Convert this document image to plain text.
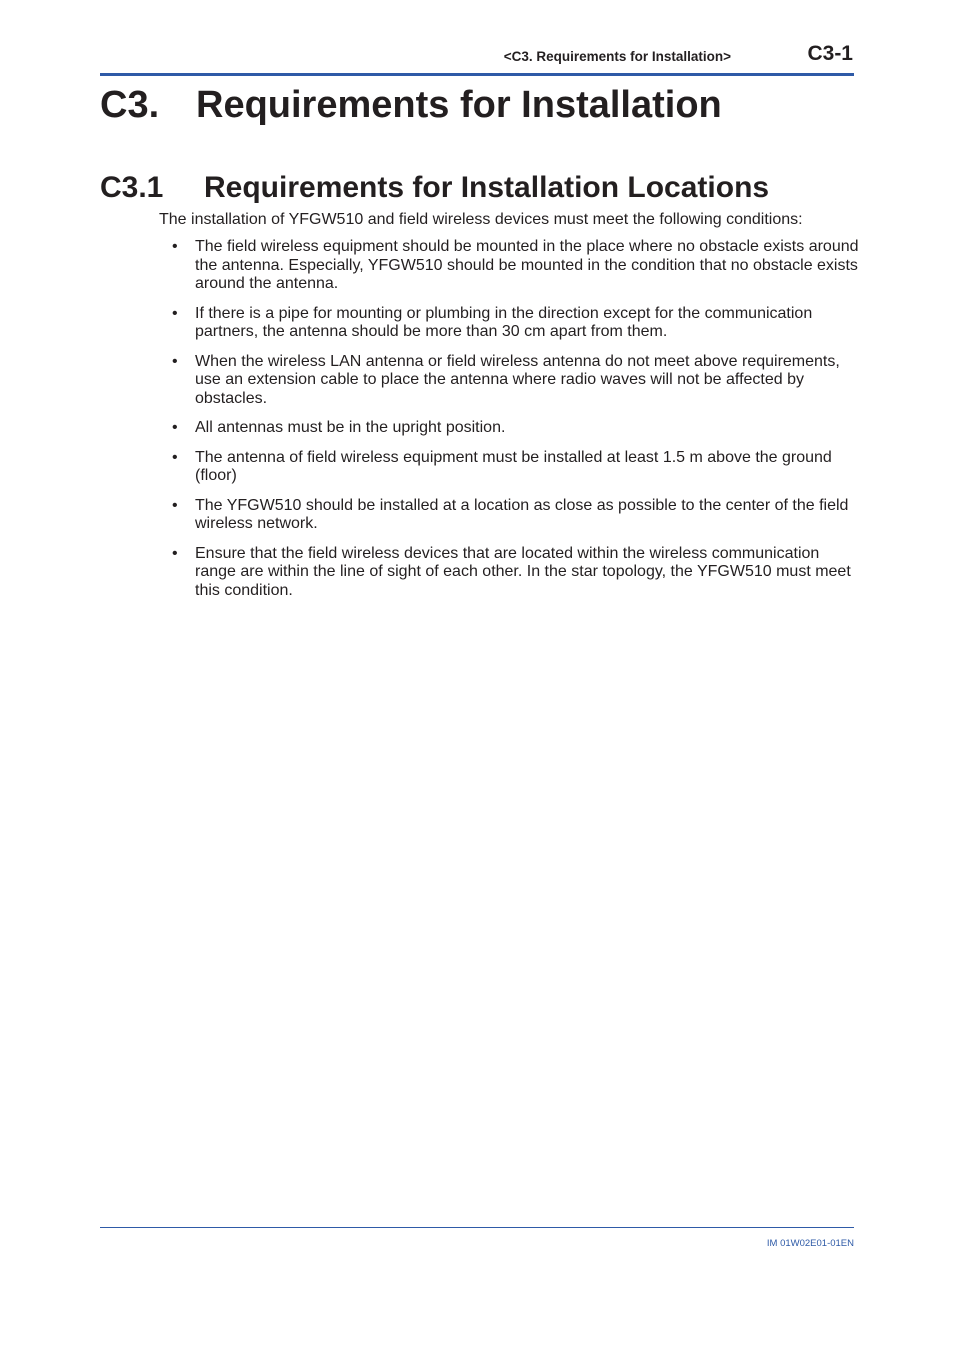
<C3. Requirements for Installation>	C3-1
C3. Requirements for Installation
C3.1 Requirements for Installation Locations

The installation of YFGW510 and field wireless devices must meet the following conditions:

• The field wireless equipment should be mounted in the place where no obstacle exists around the antenna. Especially, YFGW510 should be mounted in the condition that no obstacle exists around the antenna.
• If there is a pipe for mounting or plumbing in the direction except for the communication partners, the antenna should be more than 30 cm apart from them.
• When the wireless LAN antenna or field wireless antenna do not meet above requirements, use an extension cable to place the antenna where radio waves will not be affected by obstacles.
• All antennas must be in the upright position.
• The antenna of field wireless equipment must be installed at least 1.5 m above the ground (floor)
• The YFGW510 should be installed at a location as close as possible to the center of the field wireless network.
• Ensure that the field wireless devices that are located within the wireless communication range are within the line of sight of each other. In the star topology, the YFGW510 must meet this condition.
IM 01W02E01-01EN
